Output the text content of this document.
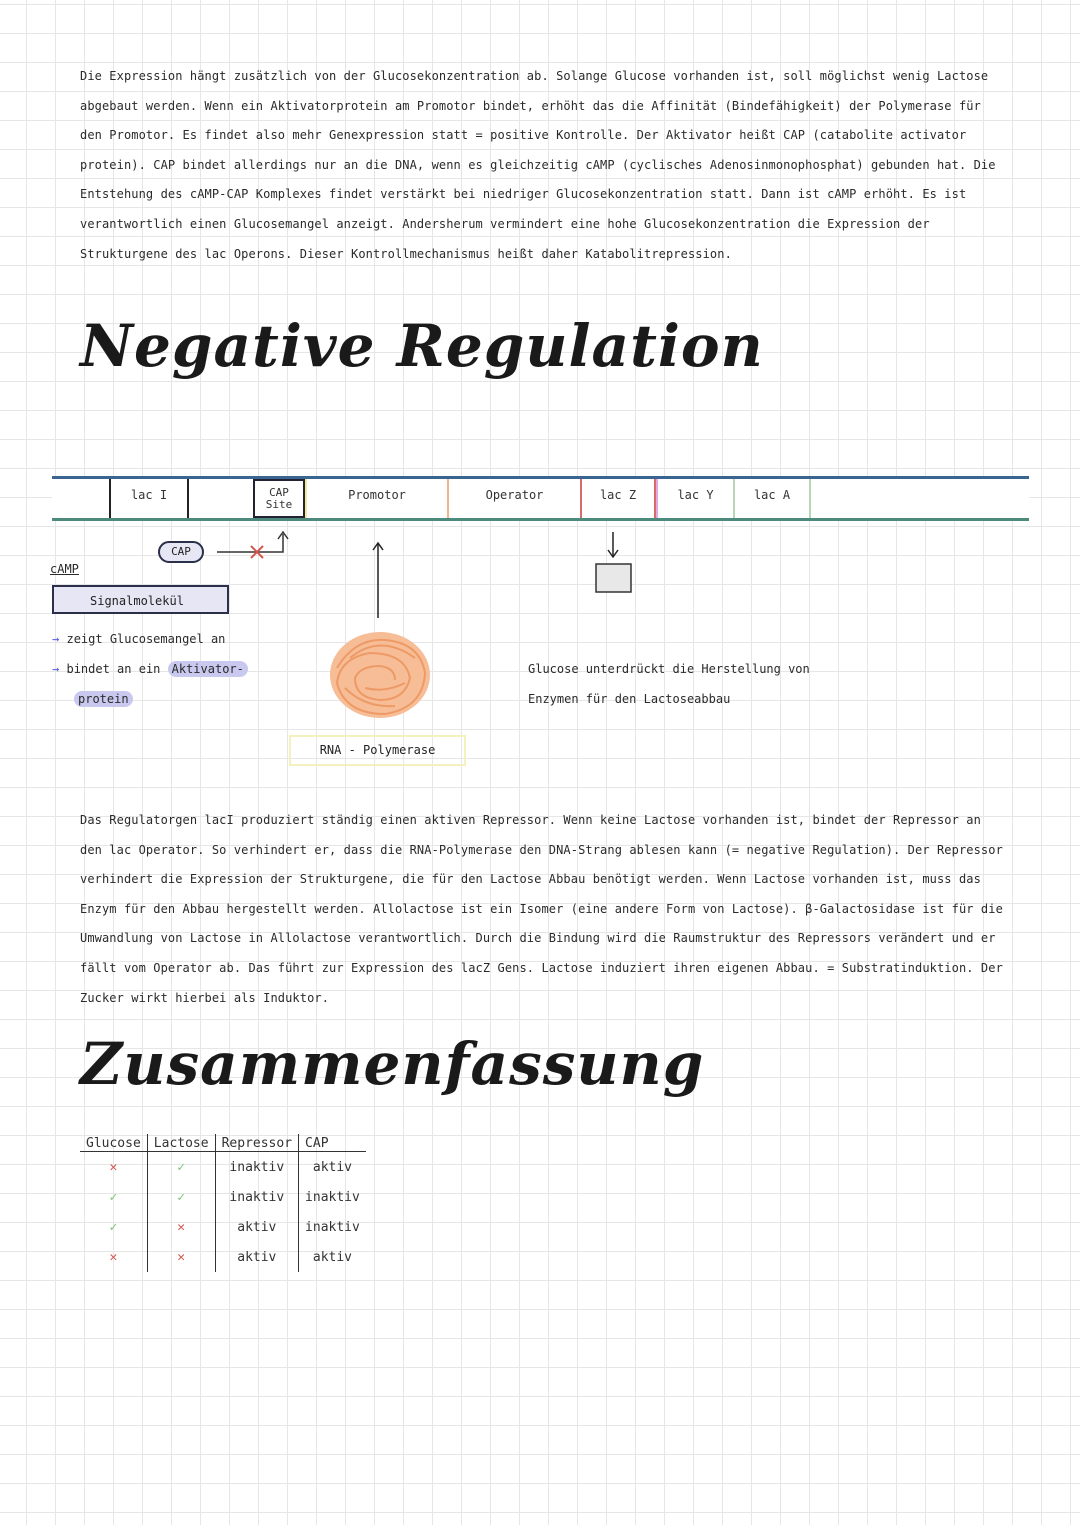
Die Expression hängt zusätzlich von der Glucosekonzentration ab. Solange Glucose vorhanden ist, soll möglichst wenig Lactose abgebaut werden. Wenn ein Aktivatorprotein am Promotor bindet, erhöht das die Affinität (Bindefähigkeit) der Polymerase für den Promotor. Es findet also mehr Genexpression statt = positive Kontrolle. Der Aktivator heißt CAP (catabolite activator protein). CAP bindet allerdings nur an die DNA, wenn es gleichzeitig cAMP (cyclisches Adenosinmonophosphat) gebunden hat. Die Entstehung des cAMP-CAP Komplexes findet verstärkt bei niedriger Glucosekonzentration statt. Dann ist cAMP erhöht. Es ist verantwortlich einen Glucosemangel anzeigt. Andersherum vermindert eine hohe Glucosekonzentration die Expression der Strukturgene des lac Operons. Dieser Kontrollmechanismus heißt daher Katabolitrepression.

Negative Regulation
lac I	CAP Site
Promotor	Operator	lac Z	lac Y	lac A
CAP
cAMP
Signalmolekül
→ zeigt Glucosemangel an
→ bindet an ein Aktivator-
protein
RNA - Polymerase
Glucose unterdrückt die Herstellung von
Enzymen für den Lactoseabbau

Das Regulatorgen lacI produziert ständig einen aktiven Repressor. Wenn keine Lactose vorhanden ist, bindet der Repressor an den lac Operator. So verhindert er, dass die RNA-Polymerase den DNA-Strang ablesen kann (= negative Regulation). Der Repressor verhindert die Expression der Strukturgene, die für den Lactose Abbau benötigt werden. Wenn Lactose vorhanden ist, muss das Enzym für den Abbau hergestellt werden. Allolactose ist ein Isomer (eine andere Form von Lactose). β-Galactosidase ist für die Umwandlung von Lactose in Allolactose verantwortlich. Durch die Bindung wird die Raumstruktur des Repressors verändert und er fällt vom Operator ab. Das führt zur Expression des lacZ Gens. Lactose induziert ihren eigenen Abbau. = Substratinduktion. Der Zucker wirkt hierbei als Induktor.

Zusammenfassung
Glucose	Lactose	Repressor	CAP
✕	✓	inaktiv	aktiv
✓	✓	inaktiv	inaktiv
✓	✕	aktiv	inaktiv
✕	✕	aktiv	aktiv
